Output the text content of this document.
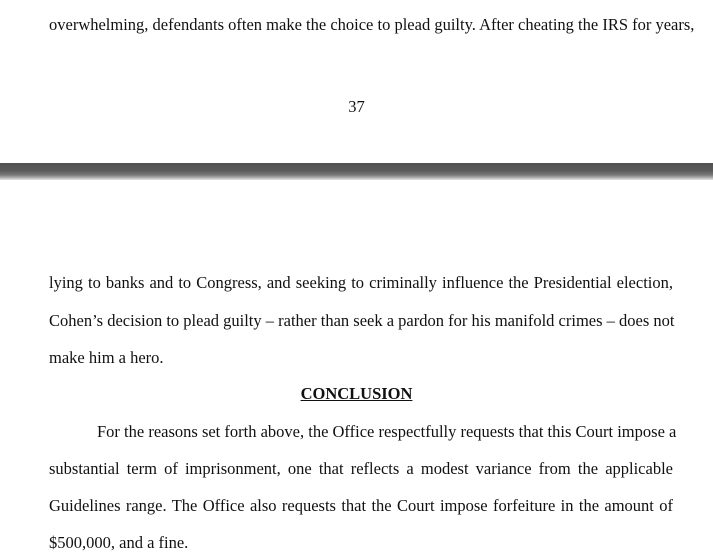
overwhelming, defendants often make the choice to plead guilty. After cheating the IRS for years,
37
lying to banks and to Congress, and seeking to criminally influence the Presidential election,
Cohen’s decision to plead guilty – rather than seek a pardon for his manifold crimes – does not
make him a hero.
CONCLUSION
For the reasons set forth above, the Office respectfully requests that this Court impose a
substantial term of imprisonment, one that reflects a modest variance from the applicable
Guidelines range. The Office also requests that the Court impose forfeiture in the amount of
$500,000, and a fine.
